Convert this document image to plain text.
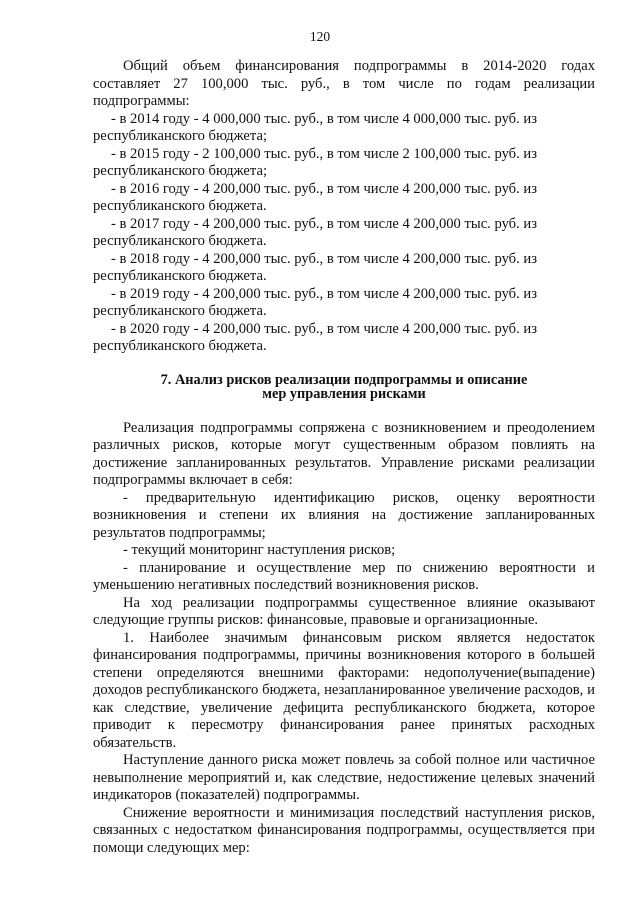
120

Общий объем финансирования подпрограммы в 2014-2020 годах составляет 27 100,000 тыс. руб., в том числе по годам реализации подпрограммы:

- в 2014 году - 4 000,000 тыс. руб., в том числе 4 000,000 тыс. руб. из
республиканского бюджета;

- в 2015 году - 2 100,000 тыс. руб., в том числе 2 100,000 тыс. руб. из
республиканского бюджета;

- в 2016 году - 4 200,000 тыс. руб., в том числе 4 200,000 тыс. руб. из
республиканского бюджета.

- в 2017 году - 4 200,000 тыс. руб., в том числе 4 200,000 тыс. руб. из
республиканского бюджета.

- в 2018 году - 4 200,000 тыс. руб., в том числе 4 200,000 тыс. руб. из
республиканского бюджета.

- в 2019 году - 4 200,000 тыс. руб., в том числе 4 200,000 тыс. руб. из
республиканского бюджета.

- в 2020 году - 4 200,000 тыс. руб., в том числе 4 200,000 тыс. руб. из
республиканского бюджета.

7. Анализ рисков реализации подпрограммы и описание
мер управления рисками

Реализация подпрограммы сопряжена с возникновением и преодолением различных рисков, которые могут существенным образом повлиять на достижение запланированных результатов. Управление рисками реализации подпрограммы включает в себя:

- предварительную идентификацию рисков, оценку вероятности возникновения и степени их влияния на достижение запланированных результатов подпрограммы;

- текущий мониторинг наступления рисков;

- планирование и осуществление мер по снижению вероятности и уменьшению негативных последствий возникновения рисков.

На ход реализации подпрограммы существенное влияние оказывают следующие группы рисков: финансовые, правовые и организационные.

1. Наиболее значимым финансовым риском является недостаток финансирования подпрограммы, причины возникновения которого в большей степени определяются внешними факторами: недополучение(выпадение) доходов республиканского бюджета, незапланированное увеличение расходов, и как следствие, увеличение дефицита республиканского бюджета, которое приводит к пересмотру финансирования ранее принятых расходных обязательств.

Наступление данного риска может повлечь за собой полное или частичное невыполнение мероприятий и, как следствие, недостижение целевых значений индикаторов (показателей) подпрограммы.

Снижение вероятности и минимизация последствий наступления рисков, связанных с недостатком финансирования подпрограммы, осуществляется при помощи следующих мер:
